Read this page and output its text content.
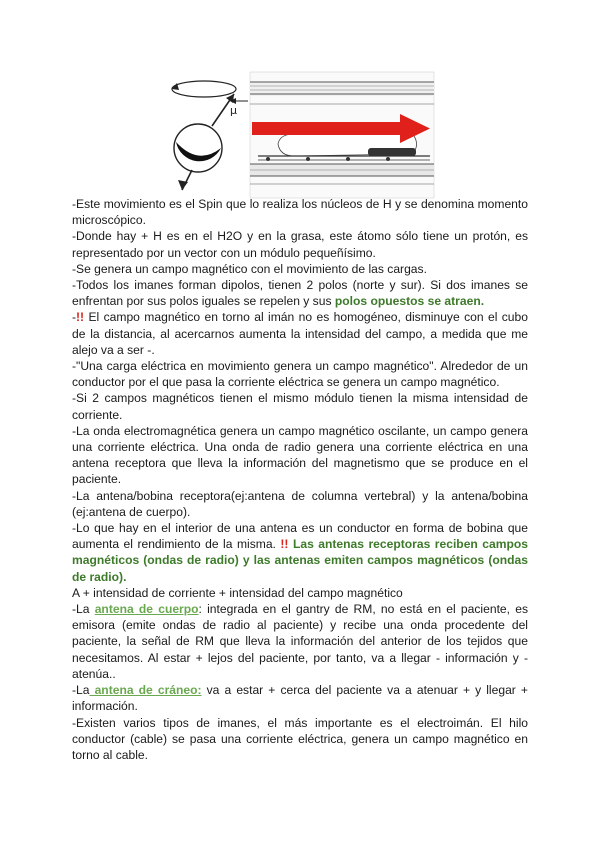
μ

-Este movimiento es el Spin que lo realiza los núcleos de H y se denomina momento microscópico.

-Donde hay + H es en el H2O y en la grasa, este átomo sólo tiene un protón, es representado por un vector con un módulo pequeñísimo.

-Se genera un campo magnético con el movimiento de las cargas.

-Todos los imanes forman dipolos, tienen 2 polos (norte y sur). Si dos imanes se enfrentan por sus polos iguales se repelen y sus polos opuestos se atraen.

-!! El campo magnético en torno al imán no es homogéneo, disminuye con el cubo de la distancia, al acercarnos aumenta la intensidad del campo, a medida que me alejo va a ser -.

-"Una carga eléctrica en movimiento genera un campo magnético". Alrededor de un conductor por el que pasa la corriente eléctrica se genera un campo magnético.

-Si 2 campos magnéticos tienen el mismo módulo tienen la misma intensidad de corriente.

-La onda electromagnética genera un campo magnético oscilante, un campo genera una corriente eléctrica. Una onda de radio genera una corriente eléctrica en una antena receptora que lleva la información del magnetismo que se produce en el paciente.

-La antena/bobina receptora(ej:antena de columna vertebral) y la antena/bobina (ej:antena de cuerpo).

-Lo que hay en el interior de una antena es un conductor en forma de bobina que aumenta el rendimiento de la misma. !! Las antenas receptoras reciben campos magnéticos (ondas de radio) y las antenas emiten campos magnéticos (ondas de radio).

A + intensidad de corriente + intensidad del campo magnético

-La antena de cuerpo: integrada en el gantry de RM, no está en el paciente, es emisora (emite ondas de radio al paciente) y recibe una onda procedente del paciente, la señal de RM que lleva la información del anterior de los tejidos que necesitamos. Al estar + lejos del paciente, por tanto, va a llegar - información y - atenúa..

-La antena de cráneo: va a estar + cerca del paciente va a atenuar + y llegar + información.

-Existen varios tipos de imanes, el más importante es el electroimán. El hilo conductor (cable) se pasa una corriente eléctrica, genera un campo magnético en torno al cable.
